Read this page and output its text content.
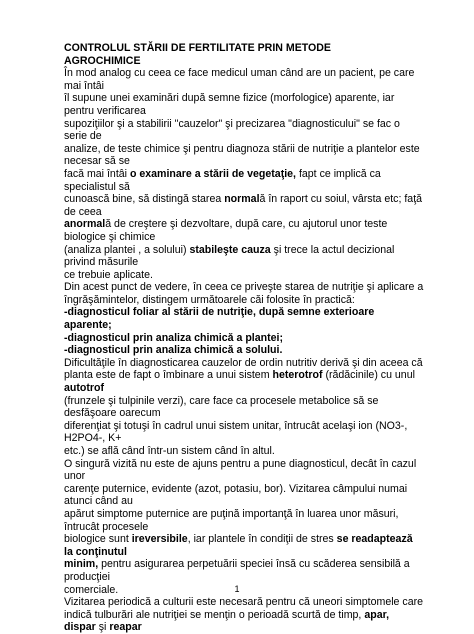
CONTROLUL STĂRII DE FERTILITATE PRIN METODE
AGROCHIMICE
În mod analog cu ceea ce face medicul uman când are un pacient, pe care
mai întâi
îl supune unei examinări după semne fizice (morfologice) aparente, iar
pentru verificarea
supoziţiilor şi a stabilirii "cauzelor" şi precizarea "diagnosticului" se fac o
serie de
analize, de teste chimice şi pentru diagnoza stării de nutriţie a plantelor este
necesar să se
facă mai întâi o examinare a stării de vegetaţie, fapt ce implică ca
specialistul să
cunoască bine, să distingă starea normală în raport cu soiul, vârsta etc; faţă
de ceea
anormală de creştere şi dezvoltare, după care, cu ajutorul unor teste
biologice şi chimice
(analiza plantei , a solului) stabileşte cauza şi trece la actul decizional
privind măsurile
ce trebuie aplicate.
Din acest punct de vedere, în ceea ce priveşte starea de nutriţie şi aplicare a
îngrăşămintelor, distingem următoarele căi folosite în practică:
-diagnosticul foliar al stării de nutriţie, după semne exterioare
aparente;
-diagnosticul prin analiza chimică a plantei;
-diagnosticul prin analiza chimică a solului.
Dificultăţile în diagnosticarea cauzelor de ordin nutritiv derivă şi din aceea că
planta este de fapt o îmbinare a unui sistem heterotrof (rădăcinile) cu unul
autotrof
(frunzele şi tulpinile verzi), care face ca procesele metabolice să se
desfăşoare oarecum
diferenţiat şi totuşi în cadrul unui sistem unitar, întrucât acelaşi ion (NO3-,
H2PO4-, K+
etc.) se află când într-un sistem când în altul.
O singură vizită nu este de ajuns pentru a pune diagnosticul, decât în cazul
unor
carenţe puternice, evidente (azot, potasiu, bor). Vizitarea câmpului numai
atunci când au
apărut simptome puternice are puţină importanţă în luarea unor măsuri,
întrucât procesele
biologice sunt ireversibile, iar plantele în condiţii de stres se readaptează
la conţinutul
minim, pentru asigurarea perpetuării speciei însă cu scăderea sensibilă a
producţiei
comerciale.
Vizitarea periodică a culturii este necesară pentru că uneori simptomele care
indică tulburări ale nutriţiei se menţin o perioadă scurtă de timp, apar,
dispar şi reapar
1
